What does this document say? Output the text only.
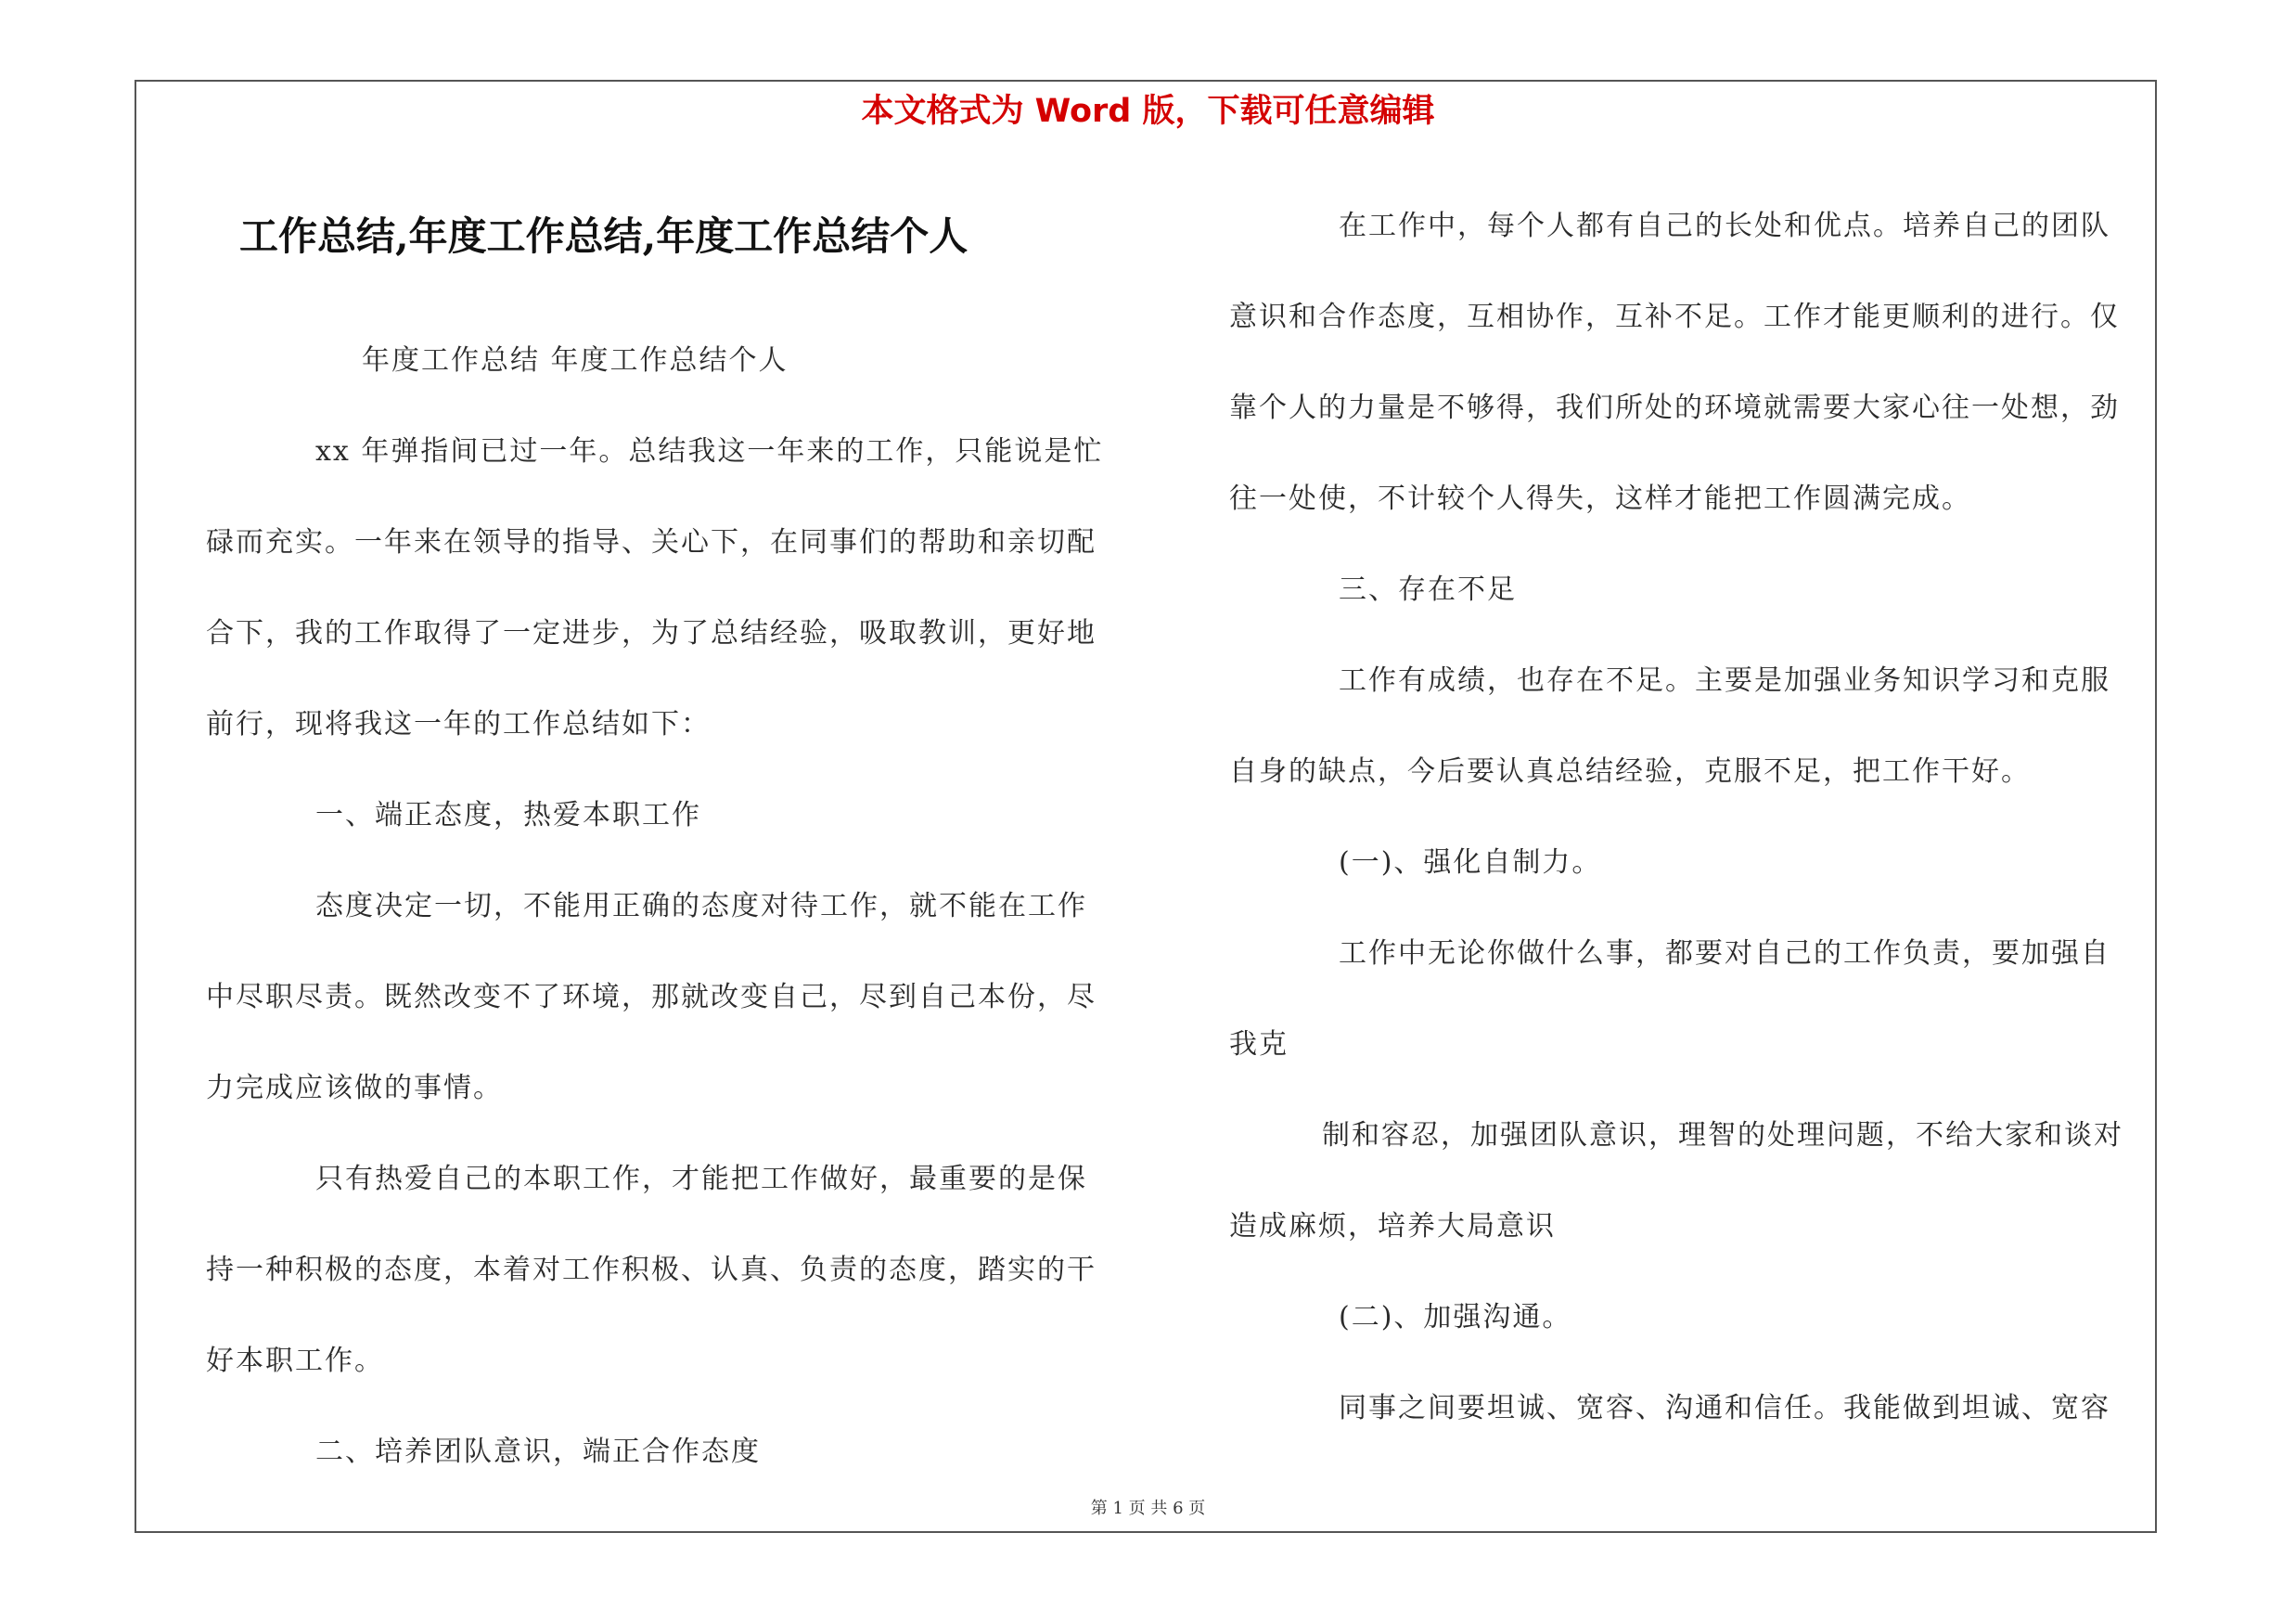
本文格式为 Word 版，下载可任意编辑
工作总结,年度工作总结,年度工作总结个人
年度工作总结 年度工作总结个人
xx 年弹指间已过一年。总结我这一年来的工作，只能说是忙
碌而充实。一年来在领导的指导、关心下，在同事们的帮助和亲切配
合下，我的工作取得了一定进步，为了总结经验，吸取教训，更好地
前行，现将我这一年的工作总结如下：
一、端正态度，热爱本职工作
态度决定一切，不能用正确的态度对待工作，就不能在工作
中尽职尽责。既然改变不了环境，那就改变自己，尽到自己本份，尽
力完成应该做的事情。
只有热爱自己的本职工作，才能把工作做好，最重要的是保
持一种积极的态度，本着对工作积极、认真、负责的态度，踏实的干
好本职工作。
二、培养团队意识，端正合作态度
在工作中，每个人都有自己的长处和优点。培养自己的团队
意识和合作态度，互相协作，互补不足。工作才能更顺利的进行。仅
靠个人的力量是不够得，我们所处的环境就需要大家心往一处想，劲
往一处使，不计较个人得失，这样才能把工作圆满完成。
三、存在不足
工作有成绩，也存在不足。主要是加强业务知识学习和克服
自身的缺点，今后要认真总结经验，克服不足，把工作干好。
(一)、强化自制力。
工作中无论你做什么事，都要对自己的工作负责，要加强自
我克
制和容忍，加强团队意识，理智的处理问题，不给大家和谈对
造成麻烦，培养大局意识
(二)、加强沟通。
同事之间要坦诚、宽容、沟通和信任。我能做到坦诚、宽容
第 1 页 共 6 页
